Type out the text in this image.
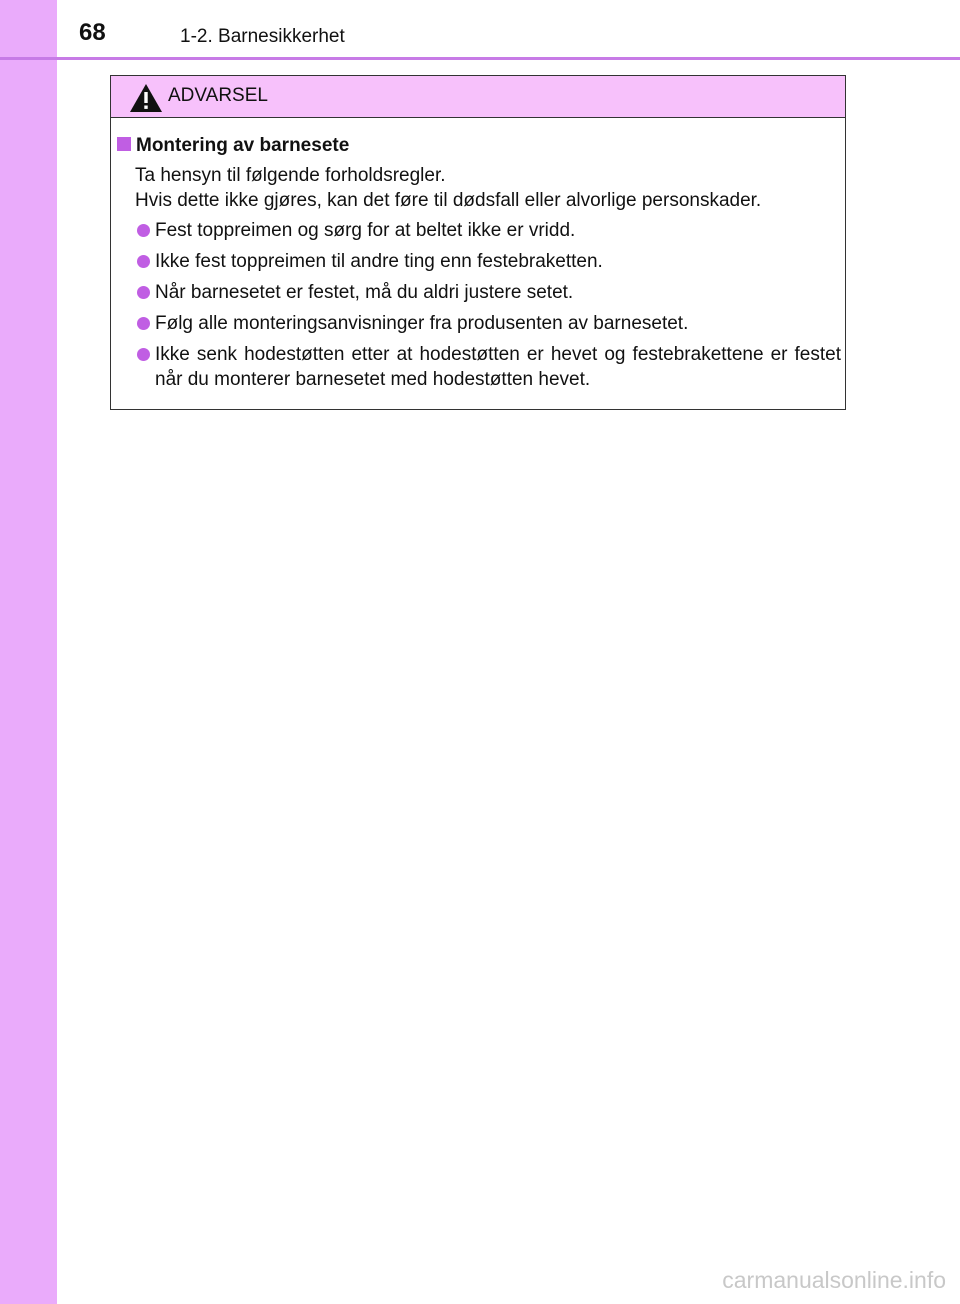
68	1-2. Barnesikkerhet
ADVARSEL
Montering av barnesete
Ta hensyn til følgende forholdsregler.
Hvis dette ikke gjøres, kan det føre til dødsfall eller alvorlige personskader.
Fest toppreimen og sørg for at beltet ikke er vridd.
Ikke fest toppreimen til andre ting enn festebraketten.
Når barnesetet er festet, må du aldri justere setet.
Følg alle monteringsanvisninger fra produsenten av barnesetet.
Ikke senk hodestøtten etter at hodestøtten er hevet og festebrakettene er festet når du monterer barnesetet med hodestøtten hevet.
carmanualsonline.info
